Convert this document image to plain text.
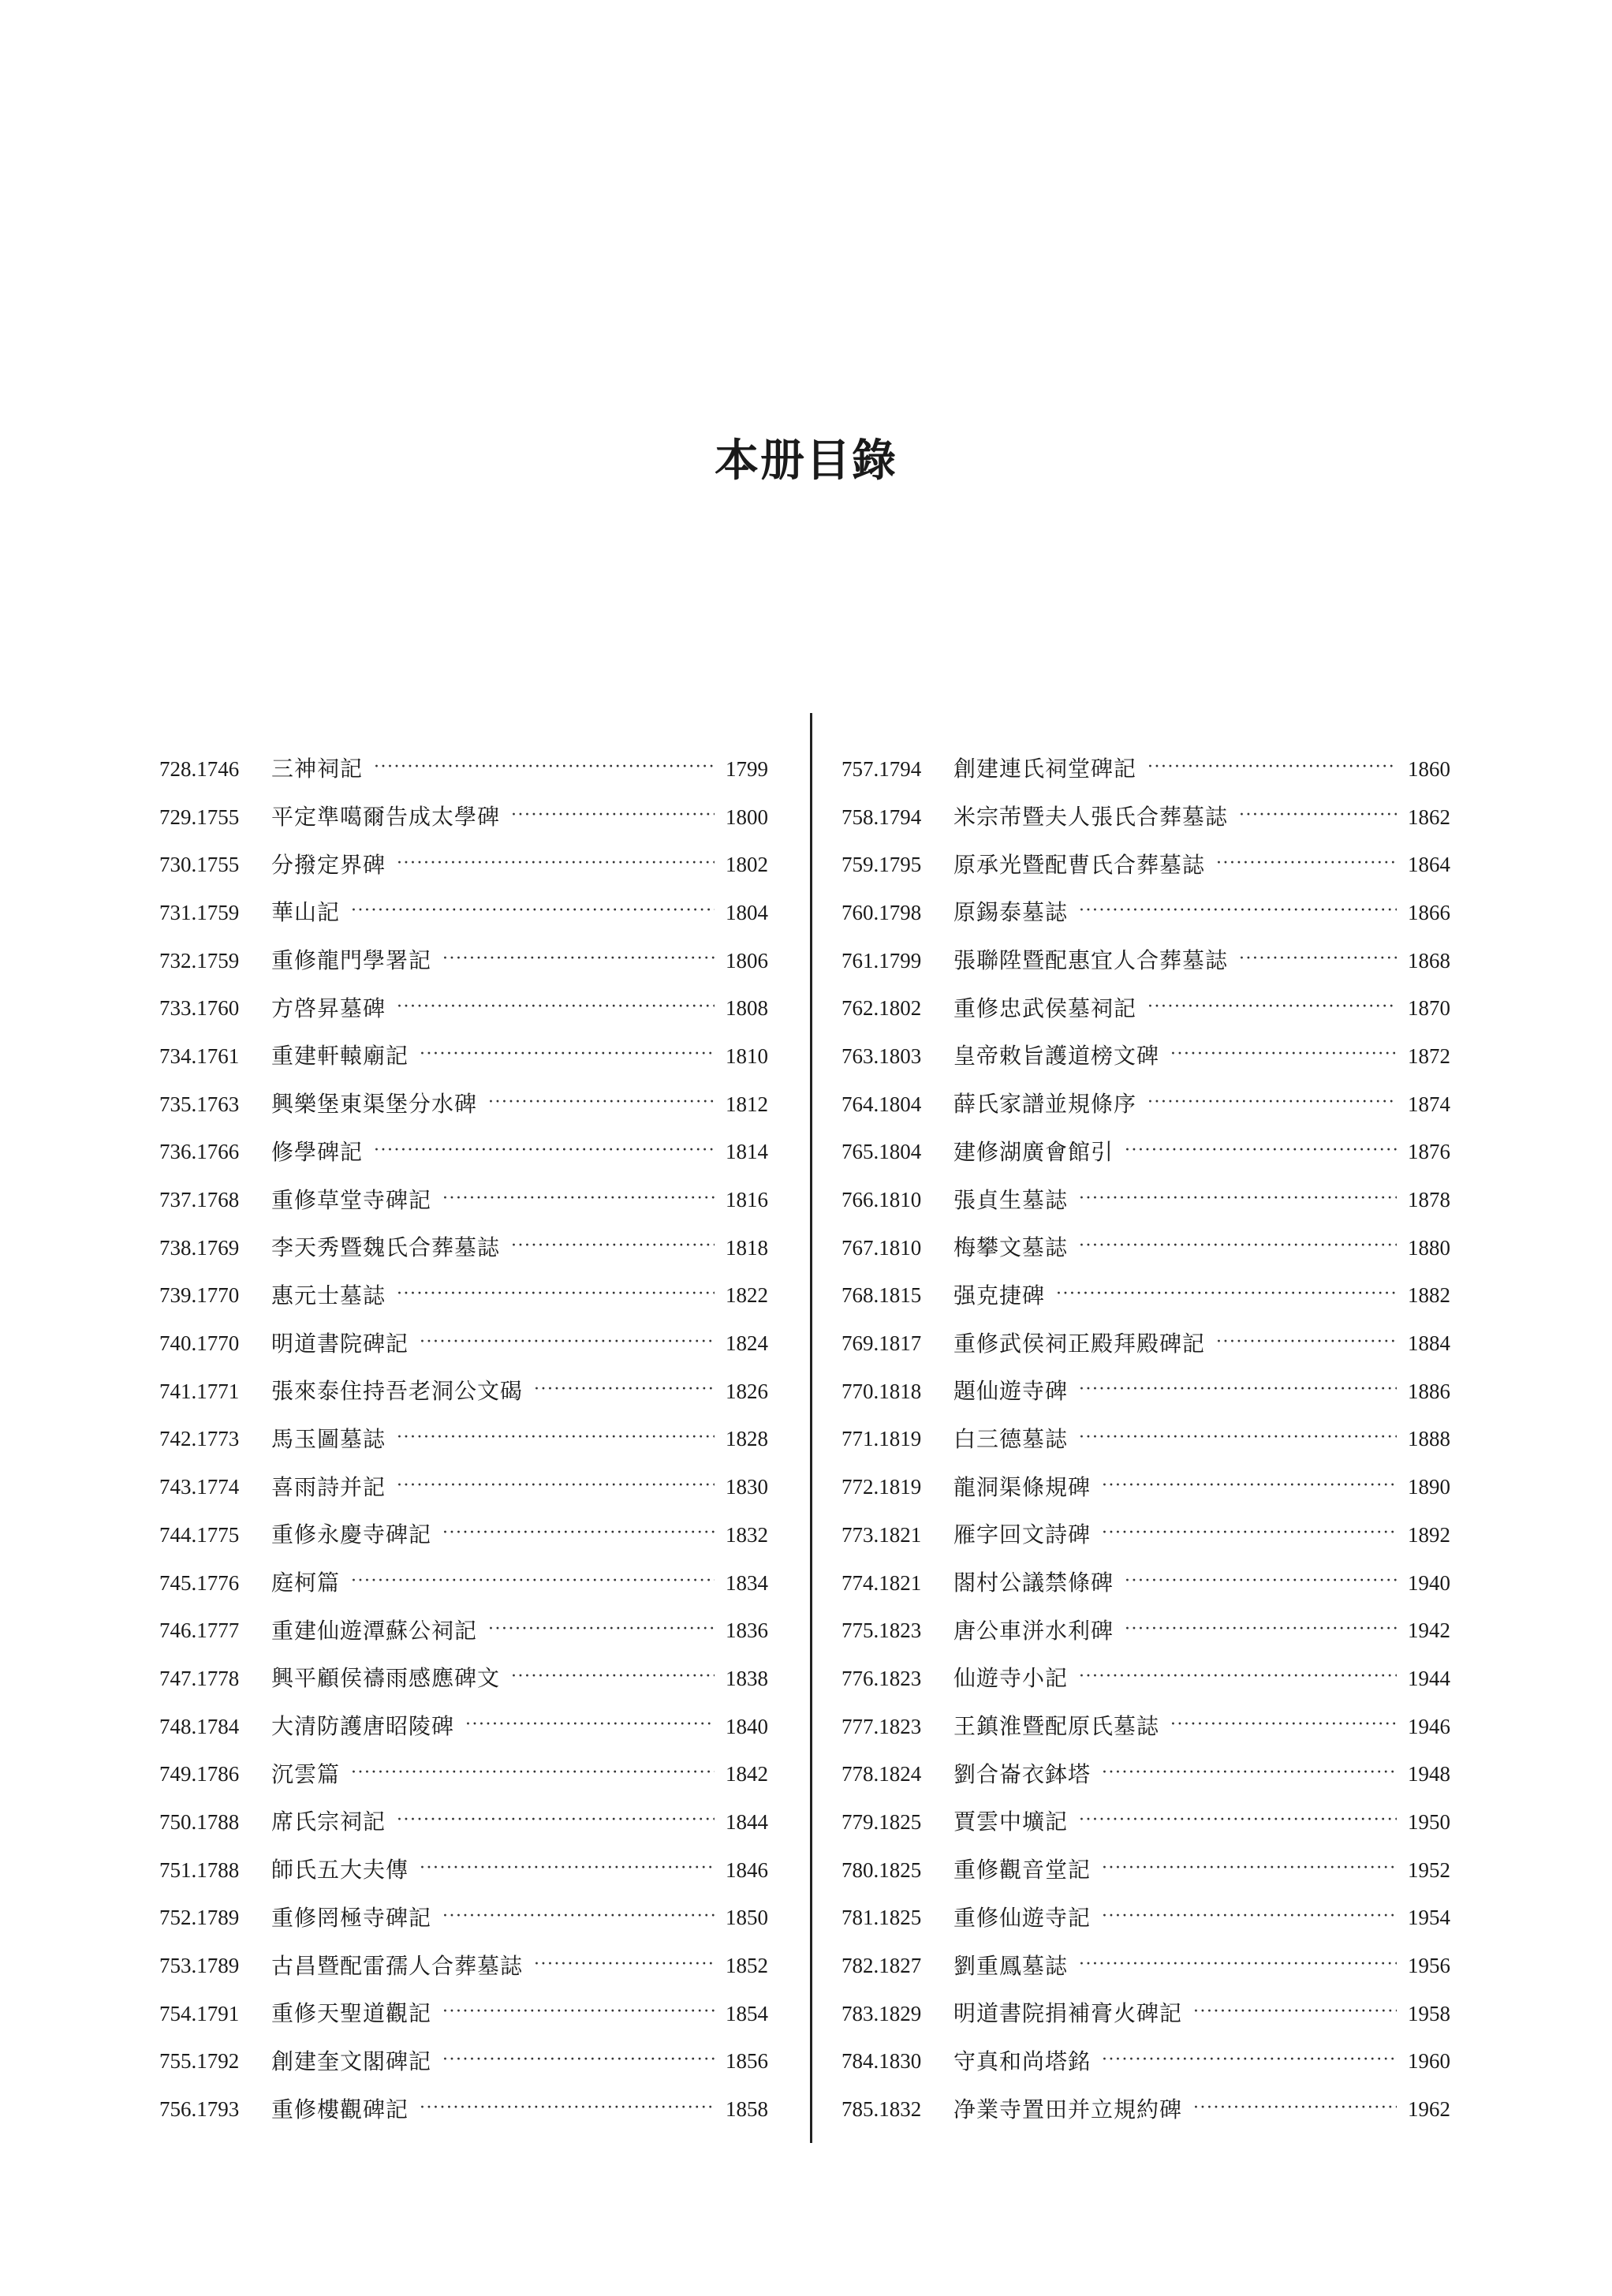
本册目錄
728.1746	三神祠記 ·····	1799
729.1755	平定準噶爾告成太學碑 ·····	1800
730.1755	分撥定界碑 ·····	1802
731.1759	華山記 ·····	1804
732.1759	重修龍門學署記 ·····	1806
733.1760	方啓昇墓碑 ·····	1808
734.1761	重建軒轅廟記 ·····	1810
735.1763	興樂堡東渠堡分水碑 ·····	1812
736.1766	修學碑記 ·····	1814
737.1768	重修草堂寺碑記 ·····	1816
738.1769	李天秀暨魏氏合葬墓誌 ·····	1818
739.1770	惠元士墓誌 ·····	1822
740.1770	明道書院碑記 ·····	1824
741.1771	張來泰住持吾老洞公文碣 ·····	1826
742.1773	馬玉圖墓誌 ·····	1828
743.1774	喜雨詩并記 ·····	1830
744.1775	重修永慶寺碑記 ·····	1832
745.1776	庭柯篇 ·····	1834
746.1777	重建仙遊潭蘇公祠記 ·····	1836
747.1778	興平顧侯禱雨感應碑文 ·····	1838
748.1784	大清防護唐昭陵碑 ·····	1840
749.1786	沉雲篇 ·····	1842
750.1788	席氏宗祠記 ·····	1844
751.1788	師氏五大夫傳 ·····	1846
752.1789	重修罔極寺碑記 ·····	1850
753.1789	古昌暨配雷孺人合葬墓誌 ·····	1852
754.1791	重修天聖道觀記 ·····	1854
755.1792	創建奎文閣碑記 ·····	1856
756.1793	重修樓觀碑記 ·····	1858
757.1794	創建連氏祠堂碑記 ·····	1860
758.1794	米宗芾暨夫人張氏合葬墓誌 ·····	1862
759.1795	原承光暨配曹氏合葬墓誌 ·····	1864
760.1798	原錫泰墓誌 ·····	1866
761.1799	張聯陞暨配惠宜人合葬墓誌 ·····	1868
762.1802	重修忠武侯墓祠記 ·····	1870
763.1803	皇帝敕旨護道榜文碑 ·····	1872
764.1804	薛氏家譜並規條序 ·····	1874
765.1804	建修湖廣會館引 ·····	1876
766.1810	張貞生墓誌 ·····	1878
767.1810	梅攀文墓誌 ·····	1880
768.1815	强克捷碑 ·····	1882
769.1817	重修武侯祠正殿拜殿碑記 ·····	1884
770.1818	題仙遊寺碑 ·····	1886
771.1819	白三德墓誌 ·····	1888
772.1819	龍洞渠條規碑 ·····	1890
773.1821	雁字回文詩碑 ·····	1892
774.1821	閤村公議禁條碑 ·····	1940
775.1823	唐公車洴水利碑 ·····	1942
776.1823	仙遊寺小記 ·····	1944
777.1823	王鎮淮暨配原氏墓誌 ·····	1946
778.1824	劉合崙衣鉢塔 ·····	1948
779.1825	賈雲中壙記 ·····	1950
780.1825	重修觀音堂記 ·····	1952
781.1825	重修仙遊寺記 ·····	1954
782.1827	劉重鳳墓誌 ·····	1956
783.1829	明道書院捐補膏火碑記 ·····	1958
784.1830	守真和尚塔銘 ·····	1960
785.1832	净業寺置田并立規約碑 ·····	1962
